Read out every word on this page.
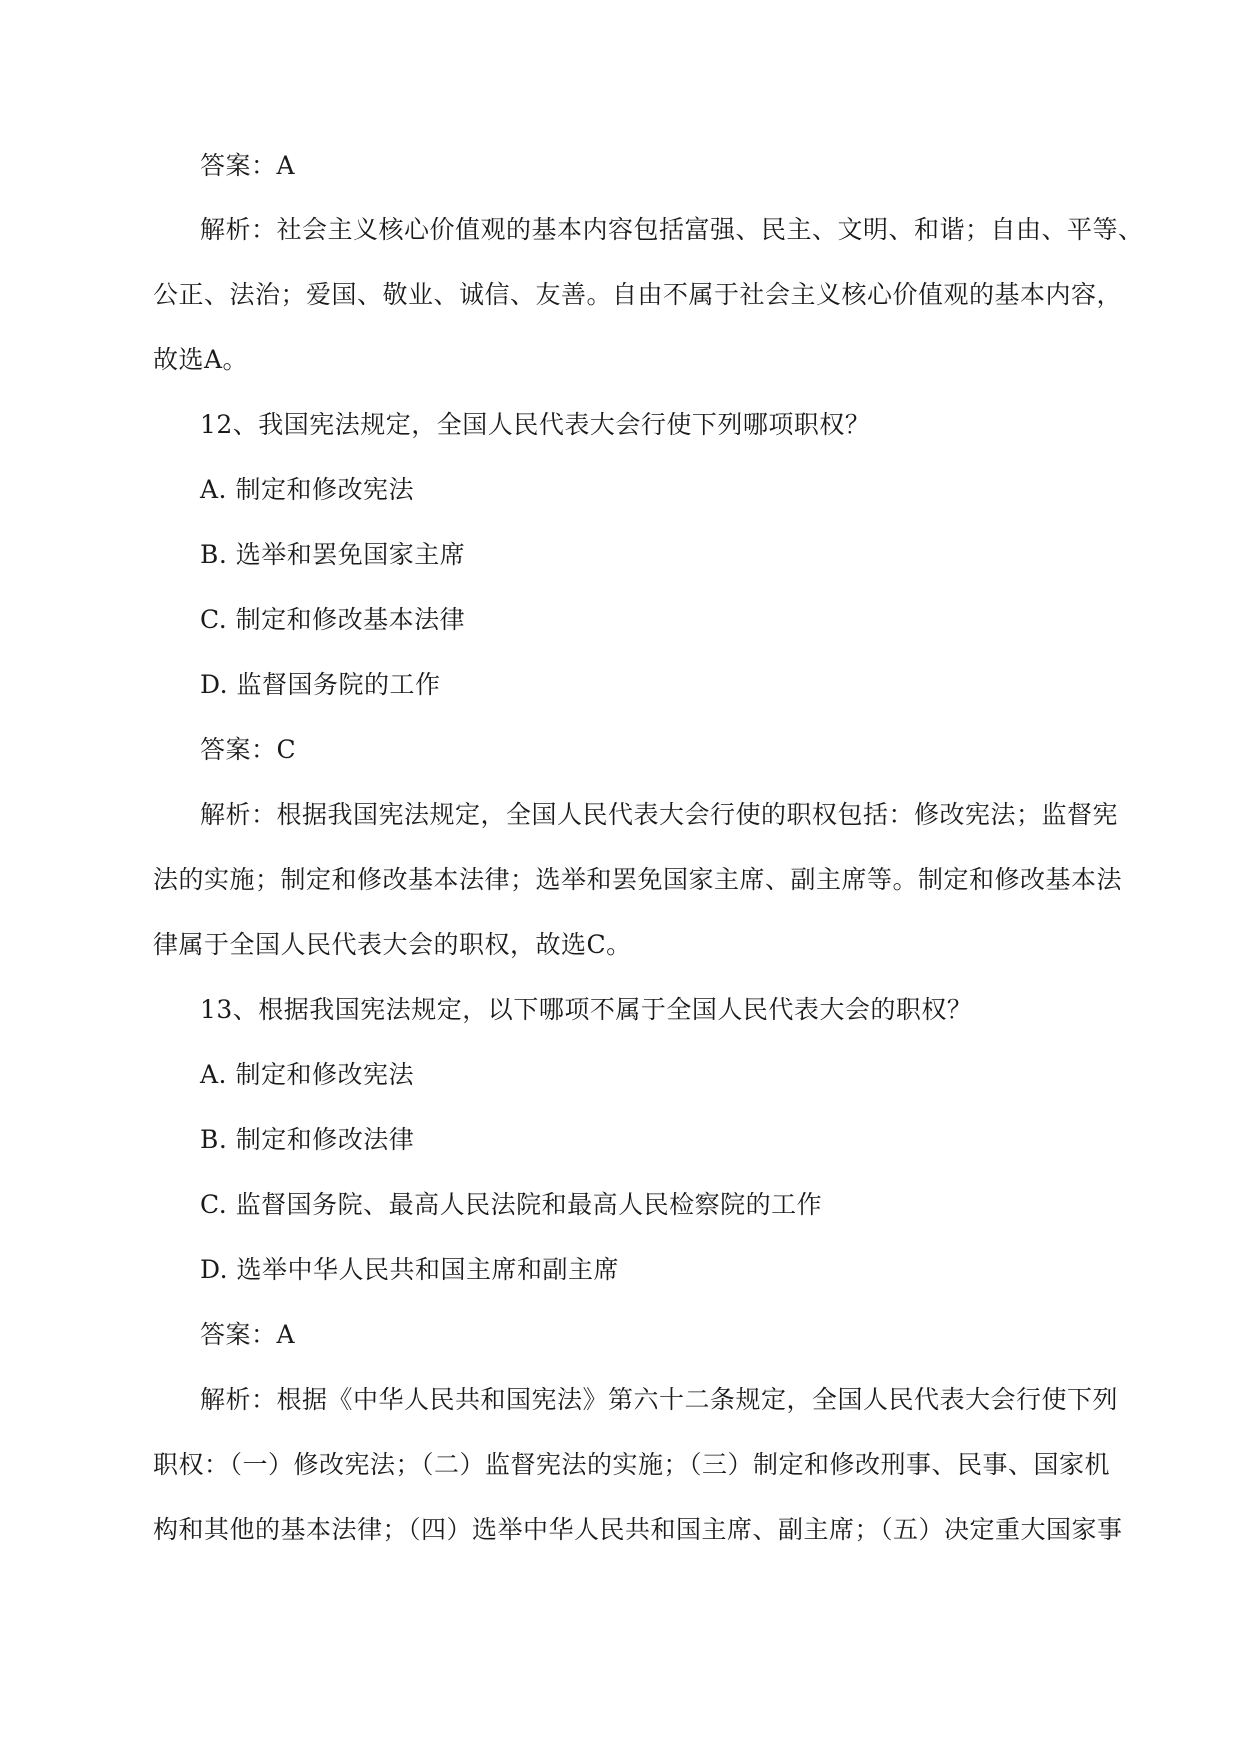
答案：A
解析：社会主义核心价值观的基本内容包括富强、民主、文明、和谐；自由、平等、
公正、法治；爱国、敬业、诚信、友善。自由不属于社会主义核心价值观的基本内容，
故选A。
12、我国宪法规定，全国人民代表大会行使下列哪项职权？
A. 制定和修改宪法
B. 选举和罢免国家主席
C. 制定和修改基本法律
D. 监督国务院的工作
答案：C
解析：根据我国宪法规定，全国人民代表大会行使的职权包括：修改宪法；监督宪
法的实施；制定和修改基本法律；选举和罢免国家主席、副主席等。制定和修改基本法
律属于全国人民代表大会的职权，故选C。
13、根据我国宪法规定，以下哪项不属于全国人民代表大会的职权？
A. 制定和修改宪法
B. 制定和修改法律
C. 监督国务院、最高人民法院和最高人民检察院的工作
D. 选举中华人民共和国主席和副主席
答案：A
解析：根据《中华人民共和国宪法》第六十二条规定，全国人民代表大会行使下列
职权：（一）修改宪法；（二）监督宪法的实施；（三）制定和修改刑事、民事、国家机
构和其他的基本法律；（四）选举中华人民共和国主席、副主席；（五）决定重大国家事
